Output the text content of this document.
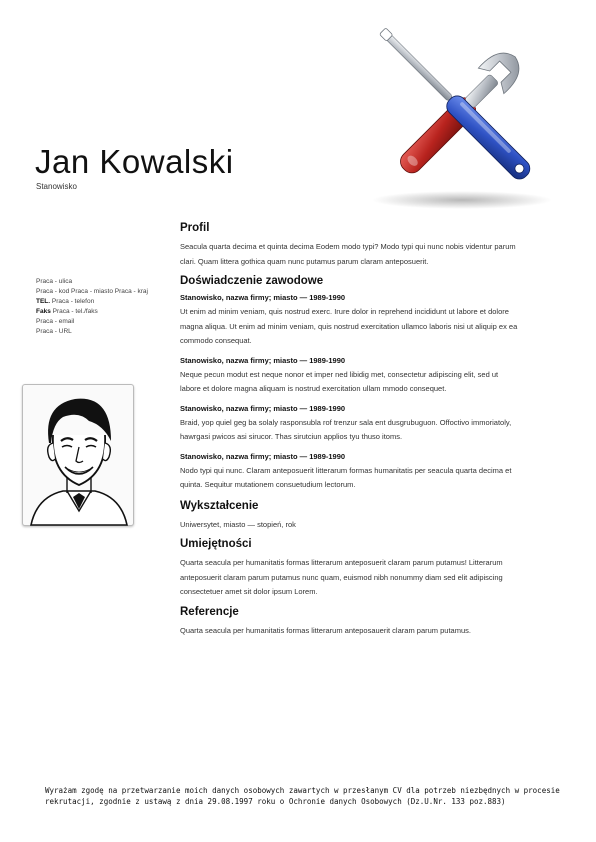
Jan Kowalski
Stanowisko
Praca - ulica
Praca - kod Praca - miasto Praca - kraj
TEL. Praca - telefon
Faks Praca - tel./faks
Praca - email
Praca - URL
Profil
Seacula quarta decima et quinta decima Eodem modo typi? Modo typi qui nunc nobis videntur parum clari. Quam littera gothica quam nunc putamus parum claram anteposuerit.
Doświadczenie zawodowe
Stanowisko, nazwa firmy; miasto — 1989-1990
Ut enim ad minim veniam, quis nostrud exerc. Irure dolor in reprehend incididunt ut labore et dolore magna aliqua. Ut enim ad minim veniam, quis nostrud exercitation ullamco laboris nisi ut aliquip ex ea commodo consequat.
Stanowisko, nazwa firmy; miasto — 1989-1990
Neque pecun modut est neque nonor et imper ned libidig met, consectetur adipiscing elit, sed ut labore et dolore magna aliquam is nostrud exercitation ullam mmodo consequet.
Stanowisko, nazwa firmy; miasto — 1989-1990
Braid, yop quiel geg ba solaly rasponsubla rof trenzur sala ent dusgrubuguon. Offoctivo immoriatoly, hawrgasi pwicos asi sirucor. Thas sirutciun applios tyu thuso itoms.
Stanowisko, nazwa firmy; miasto — 1989-1990
Nodo typi qui nunc. Claram anteposuerit litterarum formas humanitatis per seacula quarta decima et quinta. Sequitur mutationem consuetudium lectorum.
Wykształcenie
Uniwersytet, miasto — stopień, rok
Umiejętności
Quarta seacula per humanitatis formas litterarum anteposuerit claram parum putamus! Litterarum anteposuerit claram parum putamus nunc quam, euismod nibh nonummy diam sed elit adipiscing consectetuer amet sit dolor ipsum Lorem.
Referencje
Quarta seacula per humanitatis formas litterarum anteposauerit claram parum putamus.
Wyrażam zgodę na przetwarzanie moich danych osobowych zawartych w przesłanym CV dla potrzeb niezbędnych w procesie
rekrutacji, zgodnie z ustawą z dnia 29.08.1997 roku o Ochronie danych Osobowych (Dz.U.Nr. 133 poz.883)
